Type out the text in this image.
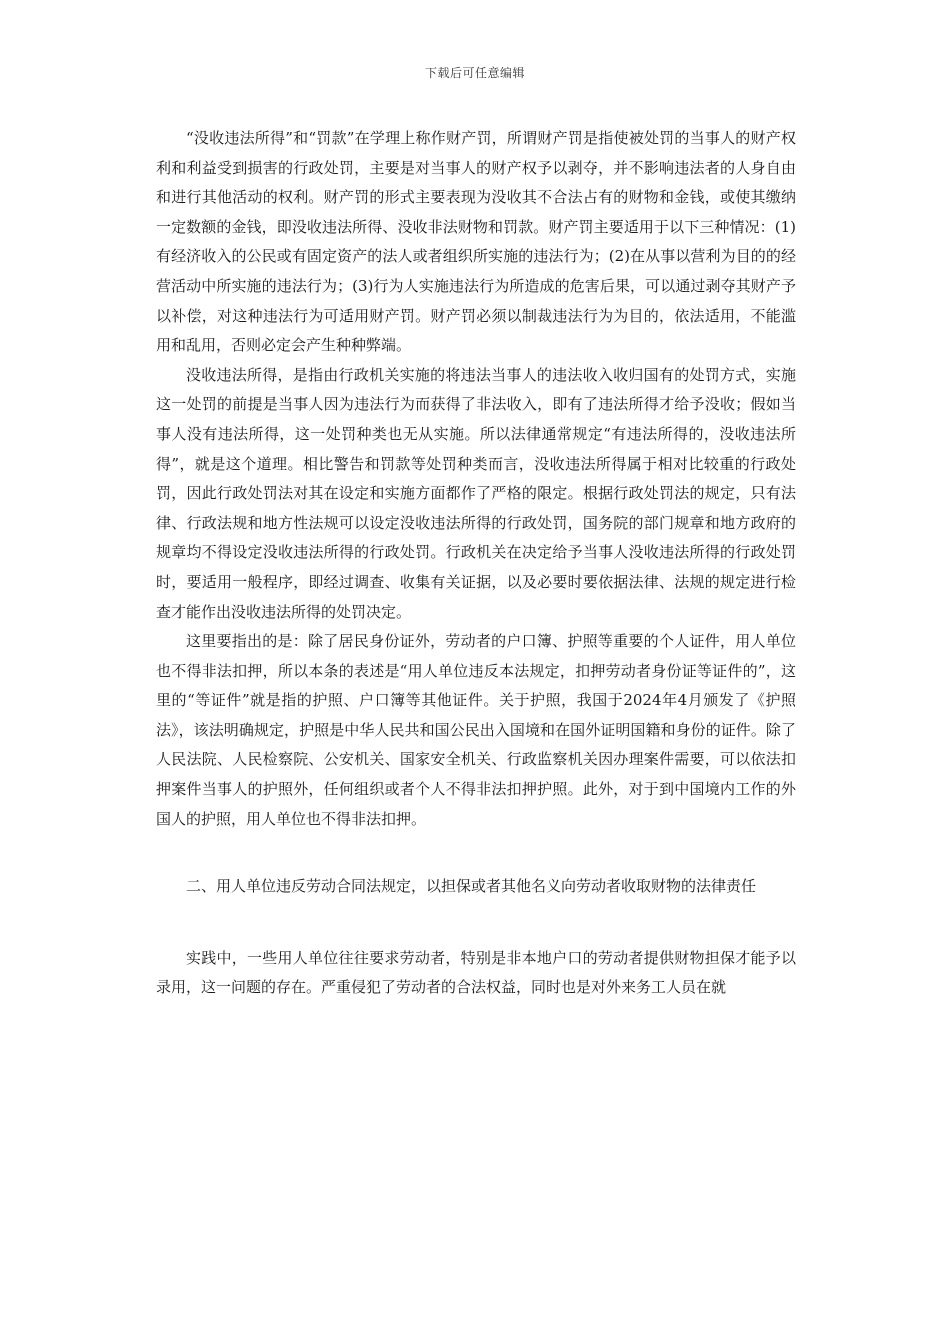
下载后可任意编辑

“没收违法所得”和“罚款”在学理上称作财产罚，所谓财产罚是指使被处罚的当事人的财产权利和利益受到损害的行政处罚，主要是对当事人的财产权予以剥夺，并不影响违法者的人身自由和进行其他活动的权利。财产罚的形式主要表现为没收其不合法占有的财物和金钱，或使其缴纳一定数额的金钱，即没收违法所得、没收非法财物和罚款。财产罚主要适用于以下三种情况：(1)有经济收入的公民或有固定资产的法人或者组织所实施的违法行为；(2)在从事以营利为目的的经营活动中所实施的违法行为；(3)行为人实施违法行为所造成的危害后果，可以通过剥夺其财产予以补偿，对这种违法行为可适用财产罚。财产罚必须以制裁违法行为为目的，依法适用，不能滥用和乱用，否则必定会产生种种弊端。

没收违法所得，是指由行政机关实施的将违法当事人的违法收入收归国有的处罚方式，实施这一处罚的前提是当事人因为违法行为而获得了非法收入，即有了违法所得才给予没收；假如当事人没有违法所得，这一处罚种类也无从实施。所以法律通常规定“有违法所得的，没收违法所得”，就是这个道理。相比警告和罚款等处罚种类而言，没收违法所得属于相对比较重的行政处罚，因此行政处罚法对其在设定和实施方面都作了严格的限定。根据行政处罚法的规定，只有法律、行政法规和地方性法规可以设定没收违法所得的行政处罚，国务院的部门规章和地方政府的规章均不得设定没收违法所得的行政处罚。行政机关在决定给予当事人没收违法所得的行政处罚时，要适用一般程序，即经过调查、收集有关证据，以及必要时要依据法律、法规的规定进行检查才能作出没收违法所得的处罚决定。

这里要指出的是：除了居民身份证外，劳动者的户口簿、护照等重要的个人证件，用人单位也不得非法扣押，所以本条的表述是“用人单位违反本法规定，扣押劳动者身份证等证件的”，这里的“等证件”就是指的护照、户口簿等其他证件。关于护照，我国于2024年4月颁发了《护照法》，该法明确规定，护照是中华人民共和国公民出入国境和在国外证明国籍和身份的证件。除了人民法院、人民检察院、公安机关、国家安全机关、行政监察机关因办理案件需要，可以依法扣押案件当事人的护照外，任何组织或者个人不得非法扣押护照。此外，对于到中国境内工作的外国人的护照，用人单位也不得非法扣押。

二、用人单位违反劳动合同法规定，以担保或者其他名义向劳动者收取财物的法律责任

实践中，一些用人单位往往要求劳动者，特别是非本地户口的劳动者提供财物担保才能予以录用，这一问题的存在。严重侵犯了劳动者的合法权益，同时也是对外来务工人员在就
